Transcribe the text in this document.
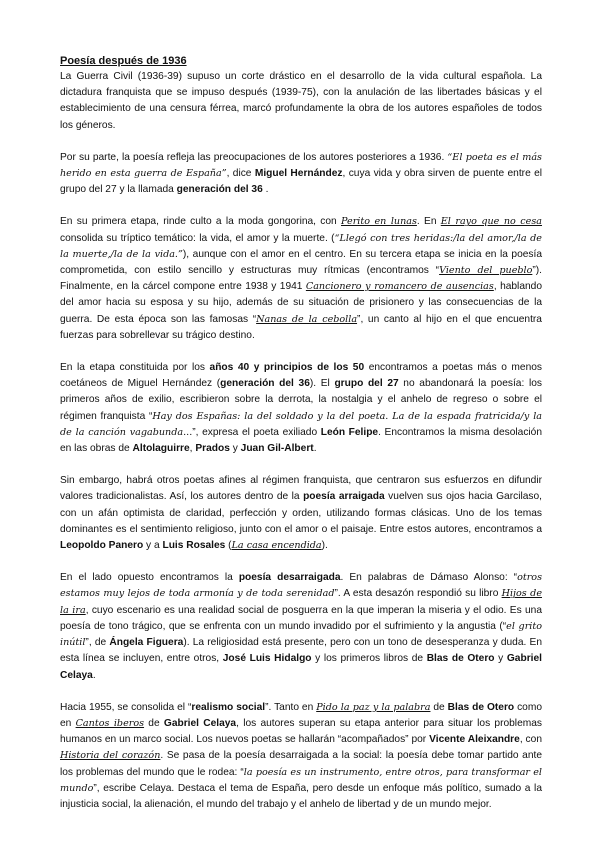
Poesía después de 1936

La Guerra Civil (1936-39) supuso un corte drástico en el desarrollo de la vida cultural española. La dictadura franquista que se impuso después (1939-75), con la anulación de las libertades básicas y el establecimiento de una censura férrea, marcó profundamente la obra de los autores españoles de todos los géneros.

Por su parte, la poesía refleja las preocupaciones de los autores posteriores a 1936. “El poeta es el más herido en esta guerra de España”, dice Miguel Hernández, cuya vida y obra sirven de puente entre el grupo del 27 y la llamada generación del 36 .

En su primera etapa, rinde culto a la moda gongorina, con Perito en lunas. En El rayo que no cesa consolida su tríptico temático: la vida, el amor y la muerte. (“Llegó con tres heridas:/la del amor,/la de la muerte,/la de la vida.”), aunque con el amor en el centro. En su tercera etapa se inicia en la poesía comprometida, con estilo sencillo y estructuras muy rítmicas (encontramos “Viento del pueblo”). Finalmente, en la cárcel compone entre 1938 y 1941 Cancionero y romancero de ausencias, hablando del amor hacia su esposa y su hijo, además de su situación de prisionero y las consecuencias de la guerra. De esta época son las famosas “Nanas de la cebolla”, un canto al hijo en el que encuentra fuerzas para sobrellevar su trágico destino.

En la etapa constituida por los años 40 y principios de los 50 encontramos a poetas más o menos coetáneos de Miguel Hernández (generación del 36). El grupo del 27 no abandonará la poesía: los primeros años de exilio, escribieron sobre la derrota, la nostalgia y el anhelo de regreso o sobre el régimen franquista “Hay dos Españas: la del soldado y la del poeta. La de la espada fratricida/y la de la canción vagabunda...”, expresa el poeta exiliado León Felipe. Encontramos la misma desolación en las obras de Altolaguirre, Prados y Juan Gil-Albert.

Sin embargo, habrá otros poetas afines al régimen franquista, que centraron sus esfuerzos en difundir valores tradicionalistas. Así, los autores dentro de la poesía arraigada vuelven sus ojos hacia Garcilaso, con un afán optimista de claridad, perfección y orden, utilizando formas clásicas. Uno de los temas dominantes es el sentimiento religioso, junto con el amor o el paisaje. Entre estos autores, encontramos a Leopoldo Panero y a Luis Rosales (La casa encendida).

En el lado opuesto encontramos la poesía desarraigada. En palabras de Dámaso Alonso: “otros estamos muy lejos de toda armonía y de toda serenidad”. A esta desazón respondió su libro Hijos de la ira, cuyo escenario es una realidad social de posguerra en la que imperan la miseria y el odio. Es una poesía de tono trágico, que se enfrenta con un mundo invadido por el sufrimiento y la angustia (“el grito inútil”, de Ángela Figuera). La religiosidad está presente, pero con un tono de desesperanza y duda. En esta línea se incluyen, entre otros, José Luis Hidalgo y los primeros libros de Blas de Otero y Gabriel Celaya.

Hacia 1955, se consolida el “realismo social”. Tanto en Pido la paz y la palabra de Blas de Otero como en Cantos iberos de Gabriel Celaya, los autores superan su etapa anterior para situar los problemas humanos en un marco social. Los nuevos poetas se hallarán “acompañados” por Vicente Aleixandre, con Historia del corazón. Se pasa de la poesía desarraigada a la social: la poesía debe tomar partido ante los problemas del mundo que le rodea: “la poesía es un instrumento, entre otros, para transformar el mundo”, escribe Celaya. Destaca el tema de España, pero desde un enfoque más político, sumado a la injusticia social, la alienación, el mundo del trabajo y el anhelo de libertad y de un mundo mejor.
